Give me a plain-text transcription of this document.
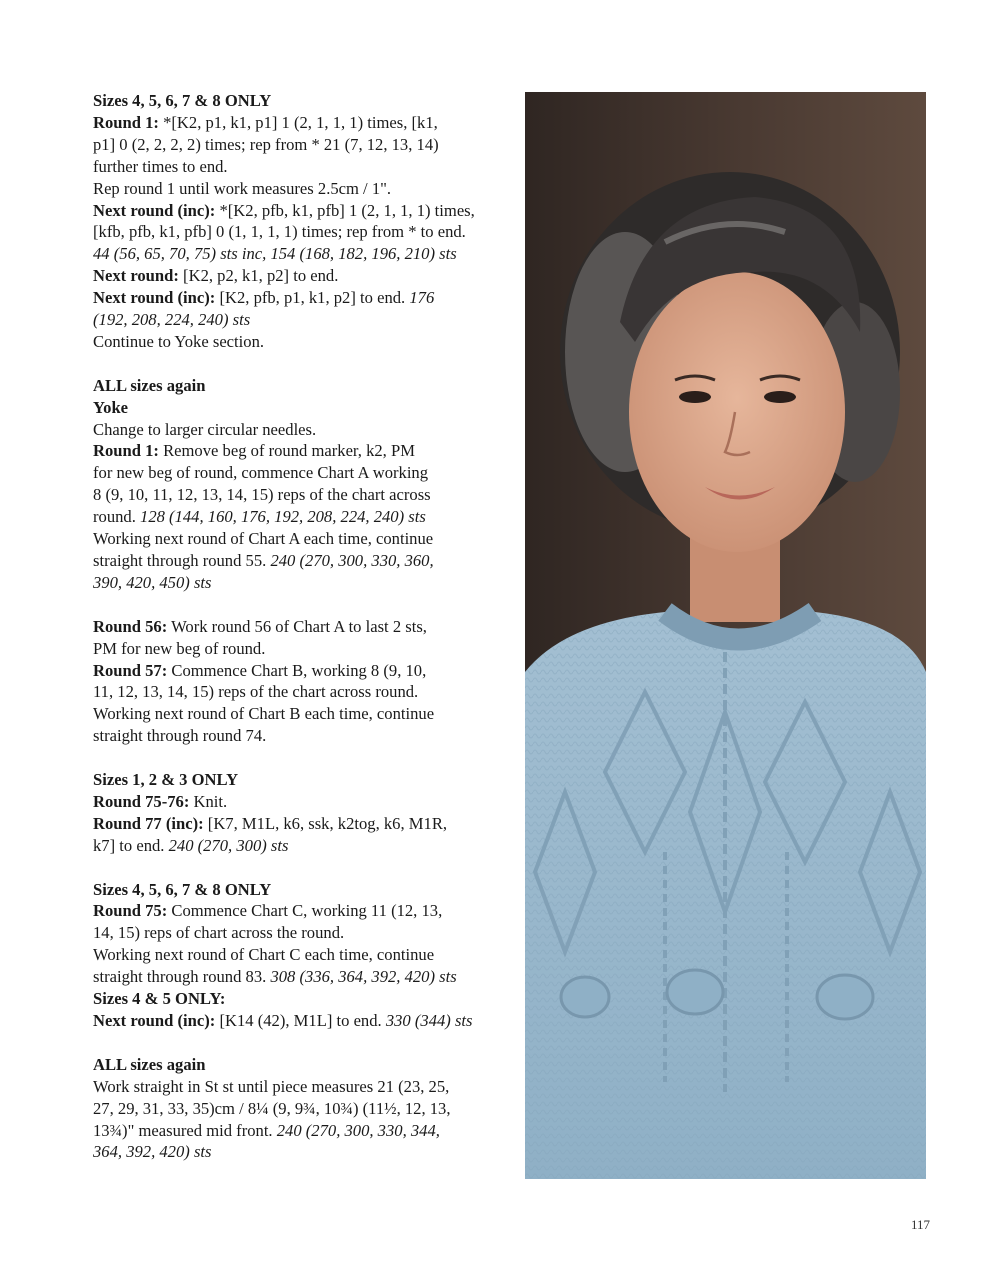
Sizes 4, 5, 6, 7 & 8 ONLY

Round 1: *[K2, p1, k1, p1] 1 (2, 1, 1, 1) times, [k1,

p1] 0 (2, 2, 2, 2) times; rep from * 21 (7, 12, 13, 14)

further times to end.

Rep round 1 until work measures 2.5cm / 1".

Next round (inc): *[K2, pfb, k1, pfb] 1 (2, 1, 1, 1) times,

[kfb, pfb, k1, pfb] 0 (1, 1, 1, 1) times; rep from * to end.

44 (56, 65, 70, 75) sts inc, 154 (168, 182, 196, 210) sts

Next round: [K2, p2, k1, p2] to end.

Next round (inc): [K2, pfb, p1, k1, p2] to end. 176

(192, 208, 224, 240) sts

Continue to Yoke section.

ALL sizes again

Yoke

Change to larger circular needles.

Round 1: Remove beg of round marker, k2, PM

for new beg of round, commence Chart A working

8 (9, 10, 11, 12, 13, 14, 15) reps of the chart across

round. 128 (144, 160, 176, 192, 208, 224, 240) sts

Working next round of Chart A each time, continue

straight through round 55. 240 (270, 300, 330, 360,

390, 420, 450) sts

Round 56: Work round 56 of Chart A to last 2 sts,

PM for new beg of round.

Round 57: Commence Chart B, working 8 (9, 10,

11, 12, 13, 14, 15) reps of the chart across round.

Working next round of Chart B each time, continue

straight through round 74.

Sizes 1, 2 & 3 ONLY

Round 75-76: Knit.

Round 77 (inc): [K7, M1L, k6, ssk, k2tog, k6, M1R,

k7] to end. 240 (270, 300) sts

Sizes 4, 5, 6, 7 & 8 ONLY

Round 75: Commence Chart C, working 11 (12, 13,

14, 15) reps of chart across the round.

Working next round of Chart C each time, continue

straight through round 83. 308 (336, 364, 392, 420) sts

Sizes 4 & 5 ONLY:

Next round (inc): [K14 (42), M1L] to end. 330 (344) sts

ALL sizes again

Work straight in St st until piece measures 21 (23, 25,

27, 29, 31, 33, 35)cm / 8¼ (9, 9¾, 10¾) (11½, 12, 13,

13¾)" measured mid front. 240 (270, 300, 330, 344,

364, 392, 420) sts

117
